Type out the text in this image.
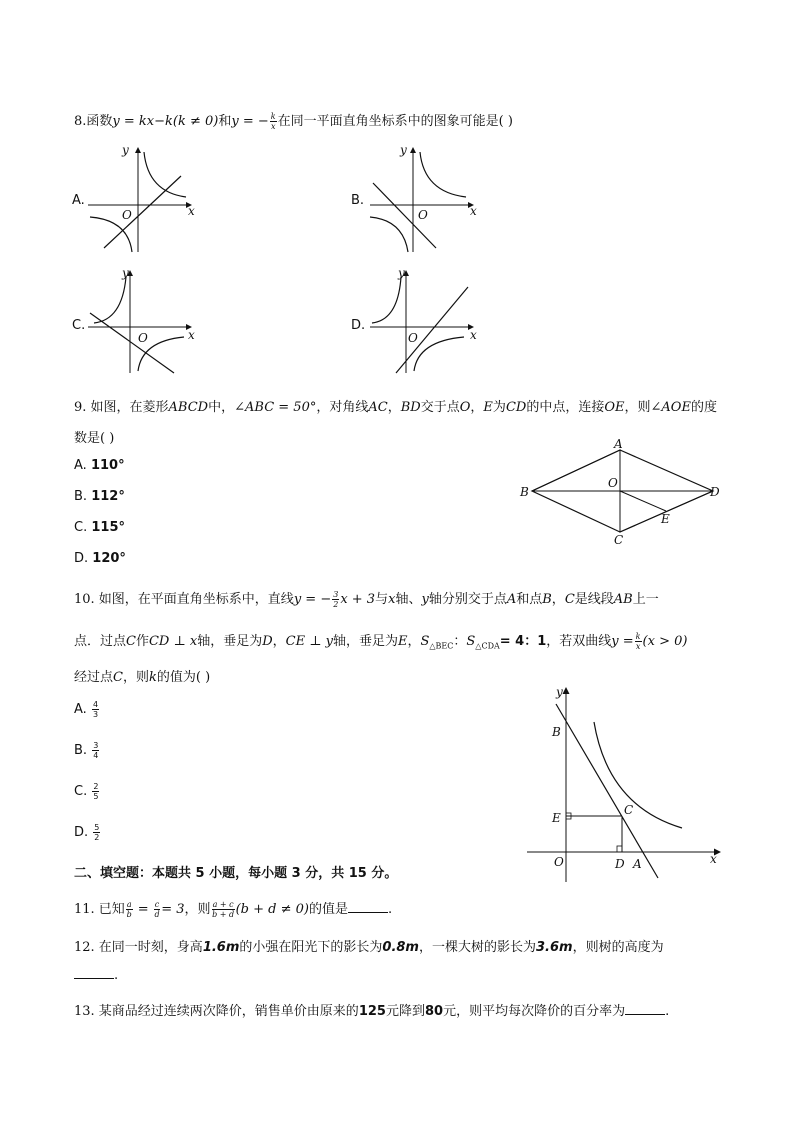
8.函数y = kx−k(k ≠ 0)和y = − $\frac{k}{x}$ 在同一平面直角坐标系中的图象可能是( )
A.	B.
C.	D.
O	x
y
O	x
y
O	x
y
O	x
y
9. 如图，在菱形ABCD中，∠ABC = 50°，对角线AC，BD交于点O，E为CD的中点，连接OE，则∠AOE的度
数是( )
A. 110°
B. 112°
C. 115°
D. 120°
A
B
C
D
O
E
10. 如图，在平面直角坐标系中，直线y = − $\frac{3}{2}$ x + 3与x轴、y轴分别交于点A和点B，C是线段AB上一
点．过点C作CD ⊥ x轴，垂足为D，CE ⊥ y轴，垂足为E，$S_{\triangle BEC}$：$S_{\triangle CDA}= 4$：1，若双曲线$y = \frac{k}{x} (x > 0)$
经过点C，则k的值为( )
A. $\frac{4}{3}$
B. $\frac{3}{4}$
C. $\frac{2}{5}$
D. $\frac{5}{2}$
y
x
O
B
E
C
D A
二、填空题：本题共 5 小题，每小题 3 分，共 15 分。
11. 已知 $\frac{a}{b} = \frac{c}{d} = 3$，则 $\frac{a + c}{b + d} (b + d \ne 0)$的值是	.
12. 在同一时刻，身高1.6m的小强在阳光下的影长为0.8m，一棵大树的影长为3.6m，则树的高度为
.
13. 某商品经过连续两次降价，销售单价由原来的125元降到80元，则平均每次降价的百分率为	.
